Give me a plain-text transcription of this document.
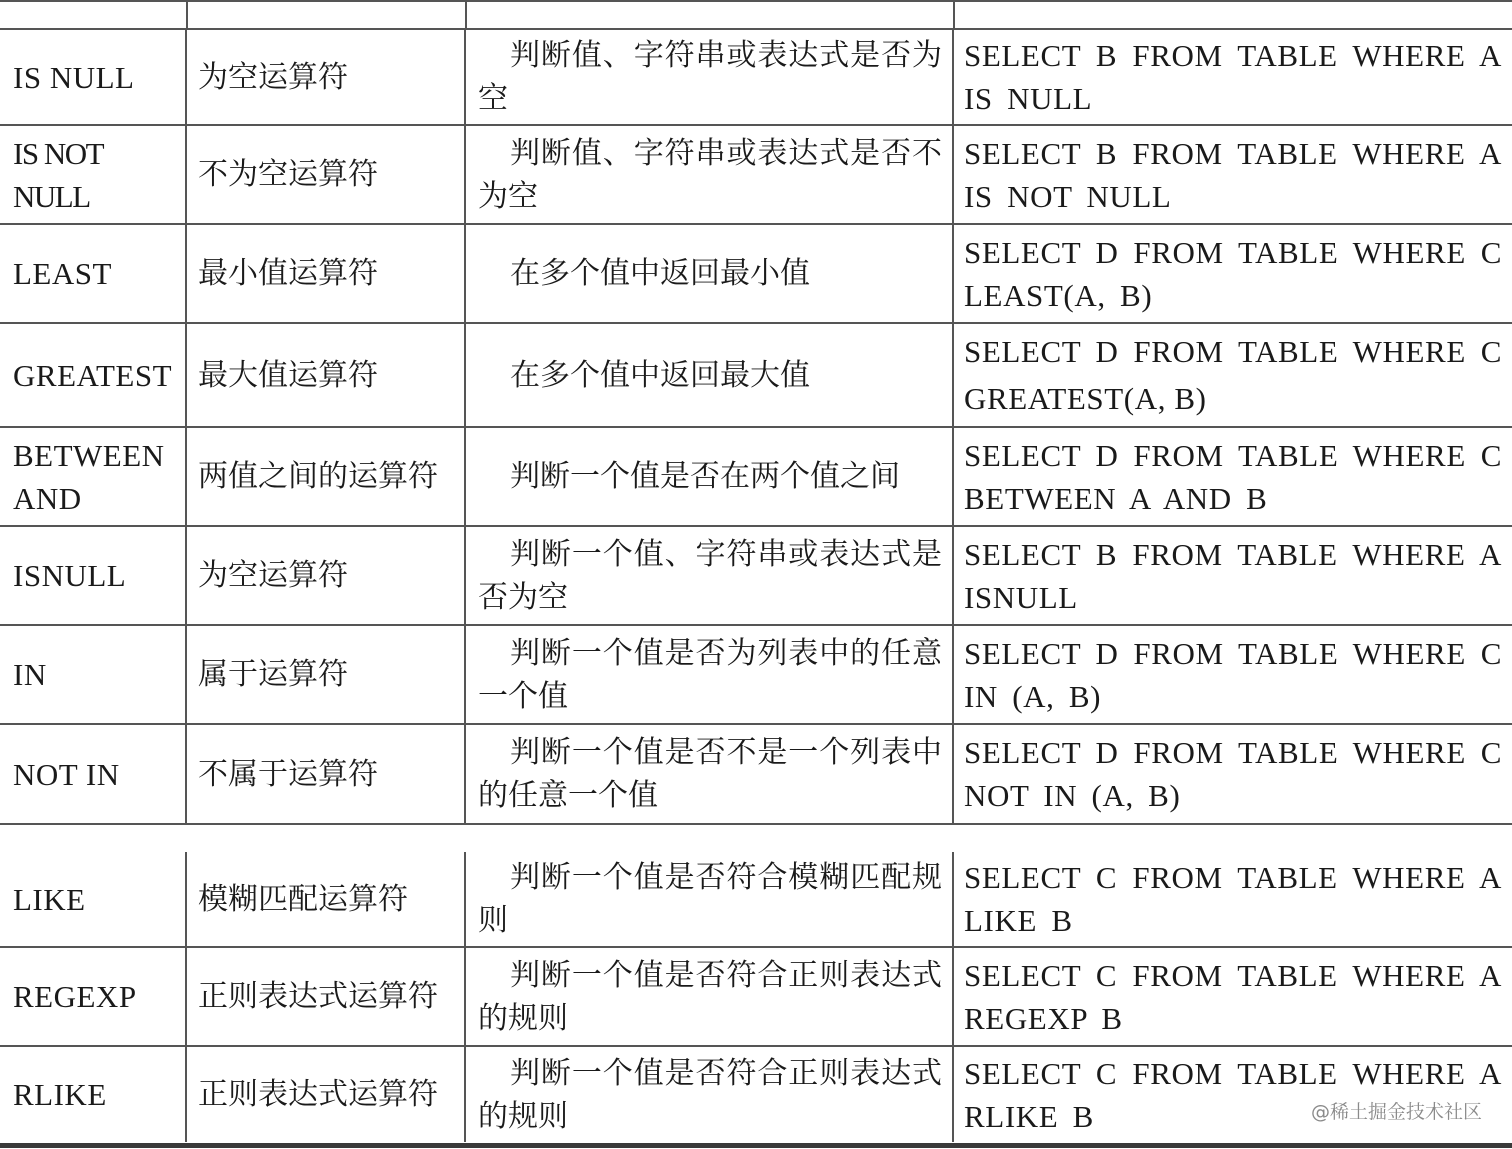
IS NULL	为空运算符	判断值、字符串或表达式是否为空	SELECT B FROM TABLE WHERE A IS NULL
IS NOT NULL	不为空运算符	判断值、字符串或表达式是否不为空	SELECT B FROM TABLE WHERE A IS NOT NULL
LEAST	最小值运算符	在多个值中返回最小值	SELECT D FROM TABLE WHERE C LEAST(A, B)
GREATEST	最大值运算符	在多个值中返回最大值	SELECT D FROM TABLE WHERE C GREATEST(A, B)
BETWEEN AND	两值之间的运算符	判断一个值是否在两个值之间	SELECT D FROM TABLE WHERE C BETWEEN A AND B
ISNULL	为空运算符	判断一个值、字符串或表达式是否为空	SELECT B FROM TABLE WHERE A ISNULL
IN	属于运算符	判断一个值是否为列表中的任意一个值	SELECT D FROM TABLE WHERE C IN (A, B)
NOT IN	不属于运算符	判断一个值是否不是一个列表中的任意一个值	SELECT D FROM TABLE WHERE C NOT IN (A, B)
LIKE	模糊匹配运算符	判断一个值是否符合模糊匹配规则	SELECT C FROM TABLE WHERE A LIKE B
REGEXP	正则表达式运算符	判断一个值是否符合正则表达式的规则	SELECT C FROM TABLE WHERE A REGEXP B
RLIKE	正则表达式运算符	判断一个值是否符合正则表达式的规则	SELECT C FROM TABLE WHERE A RLIKE B	@稀土掘金技术社区
